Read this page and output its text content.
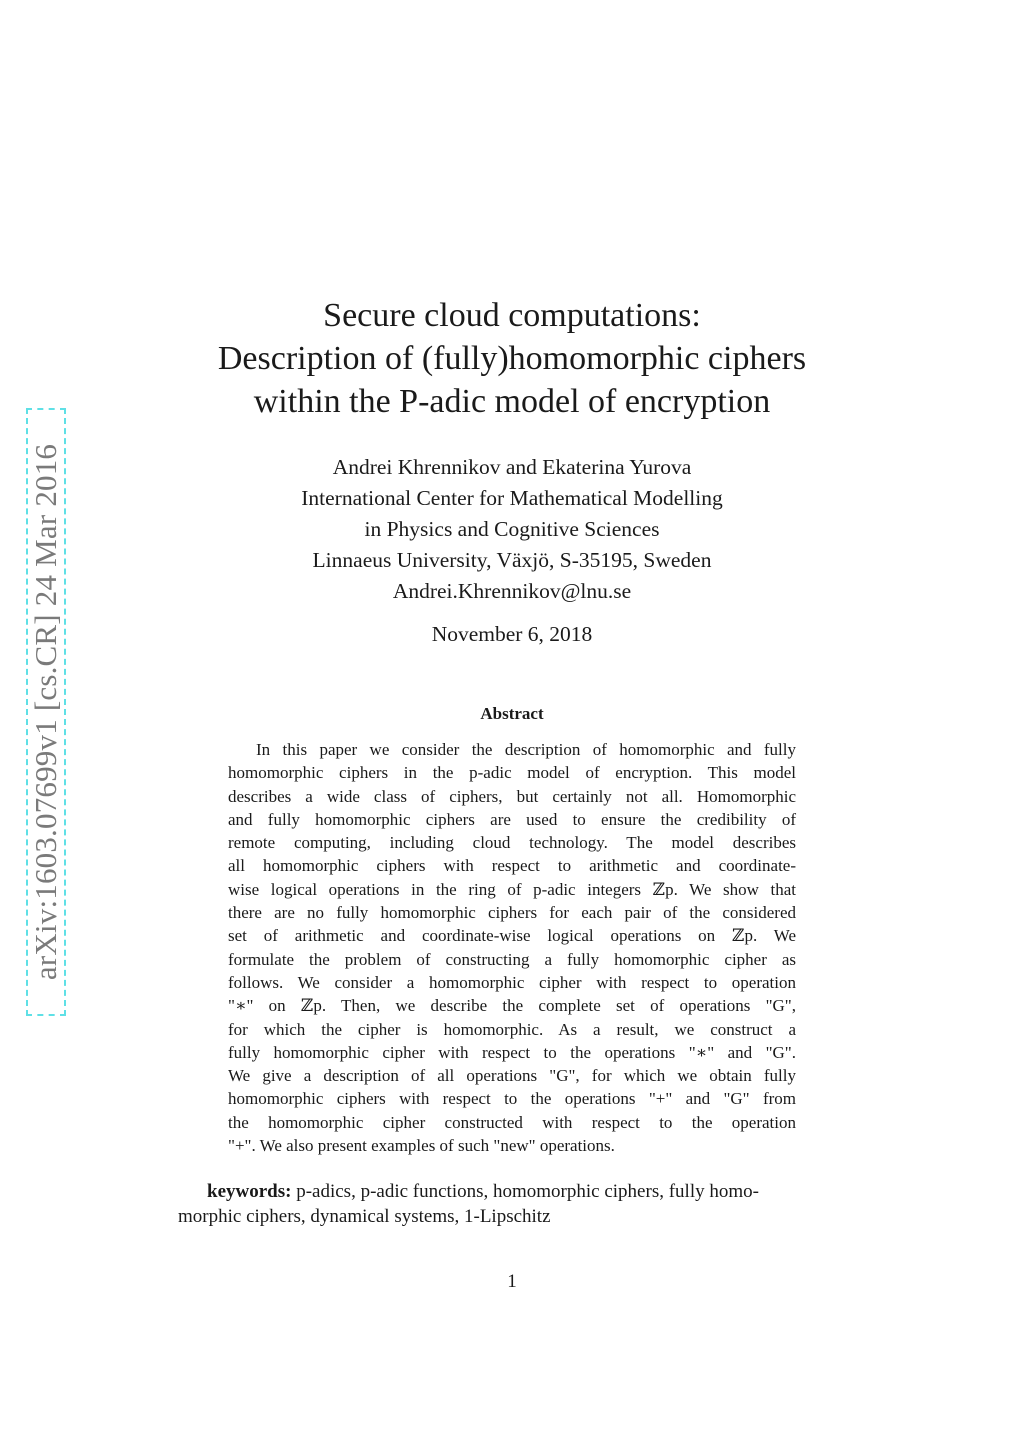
arXiv:1603.07699v1 [cs.CR] 24 Mar 2016
Secure cloud computations:
Description of (fully)homomorphic ciphers
within the P-adic model of encryption
Andrei Khrennikov and Ekaterina Yurova
International Center for Mathematical Modelling
in Physics and Cognitive Sciences
Linnaeus University, Växjö, S-35195, Sweden
Andrei.Khrennikov@lnu.se
November 6, 2018
Abstract
In this paper we consider the description of homomorphic and fully
homomorphic ciphers in the p-adic model of encryption. This model
describes a wide class of ciphers, but certainly not all. Homomorphic
and fully homomorphic ciphers are used to ensure the credibility of
remote computing, including cloud technology. The model describes
all homomorphic ciphers with respect to arithmetic and coordinate-
wise logical operations in the ring of p-adic integers ℤp. We show that
there are no fully homomorphic ciphers for each pair of the considered
set of arithmetic and coordinate-wise logical operations on ℤp. We
formulate the problem of constructing a fully homomorphic cipher as
follows. We consider a homomorphic cipher with respect to operation
"∗" on ℤp. Then, we describe the complete set of operations "G",
for which the cipher is homomorphic. As a result, we construct a
fully homomorphic cipher with respect to the operations "∗" and "G".
We give a description of all operations "G", for which we obtain fully
homomorphic ciphers with respect to the operations "+" and "G" from
the homomorphic cipher constructed with respect to the operation
"+". We also present examples of such "new" operations.
keywords: p-adics, p-adic functions, homomorphic ciphers, fully homo-
morphic ciphers, dynamical systems, 1-Lipschitz
1
